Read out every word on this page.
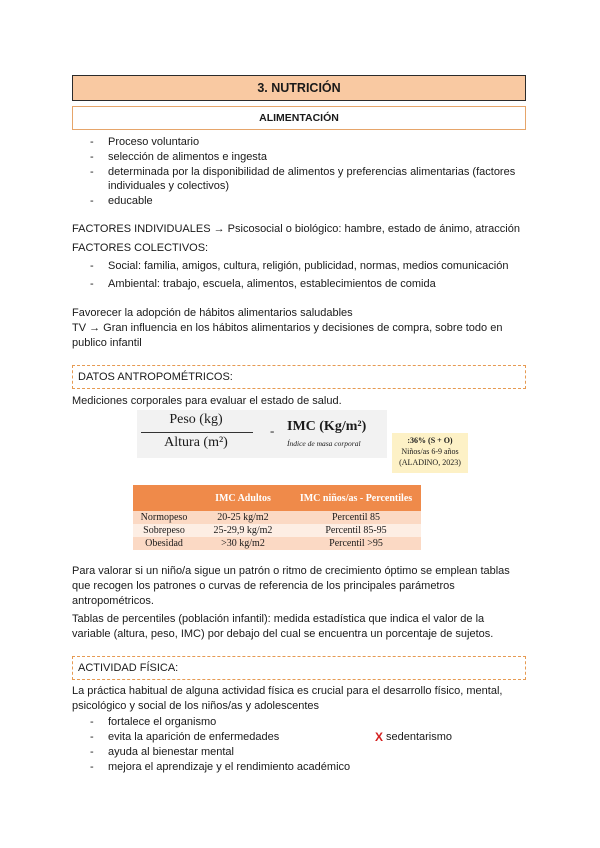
3. NUTRICIÓN
ALIMENTACIÓN
- Proceso voluntario
- selección de alimentos e ingesta
- determinada por la disponibilidad de alimentos y preferencias alimentarias (factores
individuales y colectivos)
- educable
FACTORES INDIVIDUALES → Psicosocial o biológico: hambre, estado de ánimo, atracción
FACTORES COLECTIVOS:
- Social: familia, amigos, cultura, religión, publicidad, normas, medios comunicación
- Ambiental: trabajo, escuela, alimentos, establecimientos de comida
Favorecer la adopción de hábitos alimentarios saludables
TV → Gran influencia en los hábitos alimentarios y decisiones de compra, sobre todo en
publico infantil
DATOS ANTROPOMÉTRICOS:
Mediciones corporales para evaluar el estado de salud.
Peso (kg)
Altura (m²)
- IMC (Kg/m²)
Índice de masa corporal	:36% (S + O)
Niños/as 6-9 años
(ALADINO, 2023)
	IMC Adultos	IMC niños/as - Percentiles
Normopeso	20-25 kg/m2	Percentil 85
Sobrepeso	25-29,9 kg/m2	Percentil 85-95
Obesidad	>30 kg/m2	Percentil >95
Para valorar si un niño/a sigue un patrón o ritmo de crecimiento óptimo se emplean tablas
que recogen los patrones o curvas de referencia de los principales parámetros
antropométricos.
Tablas de percentiles (población infantil): medida estadística que indica el valor de la
variable (altura, peso, IMC) por debajo del cual se encuentra un porcentaje de sujetos.
ACTIVIDAD FÍSICA:
La práctica habitual de alguna actividad física es crucial para el desarrollo físico, mental,
psicológico y social de los niños/as y adolescentes
- fortalece el organismo
- evita la aparición de enfermedades
- ayuda al bienestar mental
- mejora el aprendizaje y el rendimiento académico
X sedentarismo
